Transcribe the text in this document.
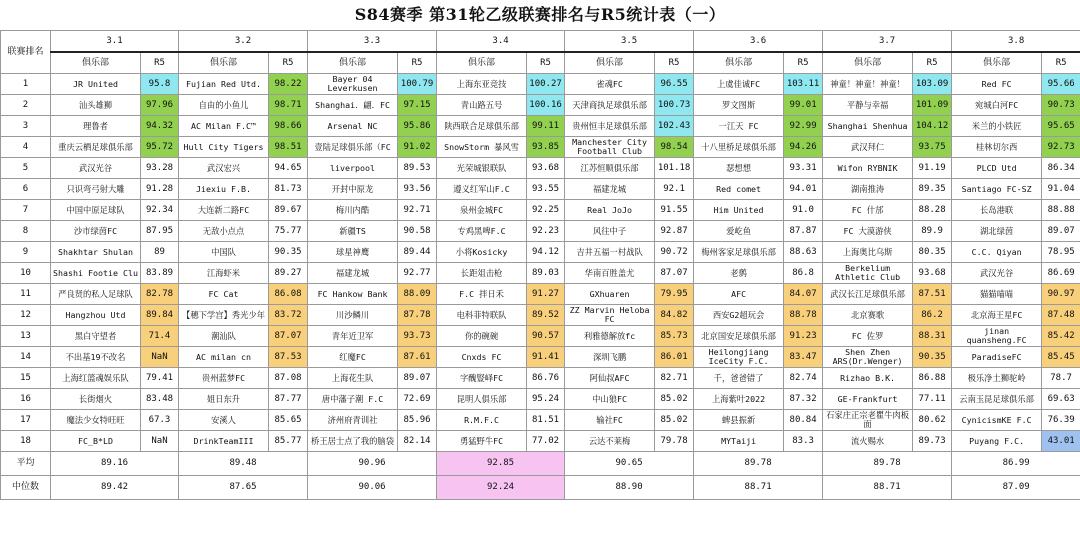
S84赛季 第31轮乙级联赛排名与R5统计表（一）
联赛排名	3.1		3.2		3.3		3.4		3.5		3.6		3.7		3.8	
	俱乐部	R5	俱乐部	R5	俱乐部	R5	俱乐部	R5	俱乐部	R5	俱乐部	R5	俱乐部	R5	俱乐部	R5
1	JR United	95.8	Fujian Red Utd.	98.22	Bayer 04 Leverkusen	100.79	上海东亚竞技	100.27	雀魂FC	96.55	上虞佳诚FC	103.11	神童！神童！神童！	103.09	Red FC	95.66
2	汕头雄狮	97.96	自由的小鱼儿	98.71	Shanghai．翩．FC	97.15	青山路五号	100.16	天津商执足球俱乐部	100.73	罗文图斯	99.01	平静与幸福	101.09	宛城白河FC	90.73
3	理鲁者	94.32	AC Milan F.C™	98.66	Arsenal NC	95.86	陕西联合足球俱乐部	99.11	贵州恒丰足球俱乐部	102.43	一江天 FC	92.99	Shanghai Shenhua	104.12	米兰的小铁匠	95.65
4	重庆云栖足球俱乐部	95.72	Hull City Tigers	98.51	壹陆足球俱乐部（FC	91.02	SnowStorm 暴风雪	93.85	Manchester City Football Club	98.54	十八里桥足球俱乐部	94.26	武汉拜仁	93.75	桂林切尔西	92.73
5	武汉光谷	93.28	武汉宏兴	94.65	liverpool	89.53	光荣城银联队	93.68	江苏恒顺俱乐部	101.18	瑟想想	93.31	Wifon RYBNIK	91.19	PLCD Utd	86.34
6	只识弯弓射大雕	91.28	Jiexiu F.B.	81.73	开封中原龙	93.56	遵义红军山F.C	93.55	福建龙城	92.1	Red comet	94.01	湖南推涛	89.35	Santiago FC-SZ	91.04
7	中国中原足球队	92.34	大连新二路FC	89.67	梅川内酷	92.71	泉州金城FC	92.25	Real JoJo	91.55	Him United	91.0	FC 什邡	88.28	长岛港联	88.88
8	沙市绿茵FC	87.95	无敌小点点	75.77	新疆TS	90.58	专鸡黑啤F.C	92.23	风往中子	92.87	爱屹鱼	87.87	FC 大漠游侠	89.9	湖北绿茵	89.07
9	Shakhtar Shulan	89	中国队	90.35	球星神鹰	89.44	小将Kosicky	94.12	吉井五福一村战队	90.72	梅州客家足球俱乐部	88.63	上海奥比乌斯	80.35	C.C. Qiyan	78.95
10	Shashi Footie Clu	83.89	江海虾米	89.27	福建龙城	92.77	长距俎击枪	89.03	华南百胜盖尤	87.07	老鹩	86.8	Berkelium Athletic Club	93.68	武汉光谷	86.69
11	严良贤的私人足球队	82.78	FC Cat	86.08	FC Hankow Bank	88.09	F.C 拌日禾	91.27	GXhuaren	79.95	AFC	84.07	武汉长江足球俱乐部	87.51	猫猫喵喵	90.97
12	Hangzhou Utd	89.84	【穗下学宫】秀光少年	83.72	川沙鳞川	87.78	电科菲特联队	89.52	ZZ Marvin Heloba FC	84.82	西安G2超玩会	88.78	北京赛歌	86.2	北京海王星FC	87.48
13	黑白守望者	71.4	潮汕队	87.07	青年近卫军	93.73	你的碗碗	90.57	利雅德解放fc	85.73	北京国安足球俱乐部	91.23	FC 佐罗	88.31	jinan quansheng.FC	85.42
14	不出基19不改名	NaN	AC milan cn	87.53	红魔FC	87.61	Cnxds FC	91.41	深圳飞鹏	86.01	Heilongjiang IceCity F.C.	83.47	Shen Zhen ARS(Dr.Wenger)	90.35	ParadiseFC	85.45
15	上海红篮魂娱乐队	79.41	贵州蓝梦FC	87.08	上海花生队	89.07	字醜豎峄FC	86.76	阿仙叔AFC	82.71	千，爸爸错了	82.74	Rizhao B.K.	86.88	极乐净土狮驼岭	78.7
16	长街烟火	83.48	姐日东升	87.77	唐中藩子潮 F.C	72.69	昆明人俱乐部	95.24	中山狼FC	85.02	上海紫叶2022	87.32	GE-Frankfurt	77.11	云南玉昆足球俱乐部	69.63
17	魔法少女特旺旺	67.3	安溪人	85.65	济州府青训社	85.96	R.M.F.C	81.51	输社FC	85.02	蜱县振新	80.84	石家庄正宗老瞿牛肉板面	80.62	CynicismKE F.C	76.39
18	FC_B*LD	NaN	DrinkTeamIII	85.77	桥王居士点了我的脑袋	82.14	勇猛野牛FC	77.02	云达不莱梅	79.78	MYTaiji	83.3	流火赐水	89.73	Puyang F.C.	43.01
平均	89.16		89.48		90.96		92.85		90.65		89.78		89.78		86.99	
中位数	89.42		87.65		90.06		92.24		88.90		88.71		88.71		87.09	
